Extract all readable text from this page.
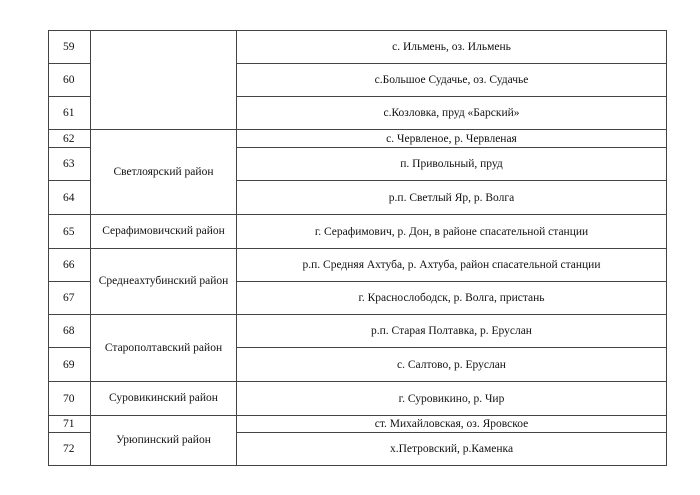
59		с. Ильмень, оз. Ильмень
60		с.Большое Судачье, оз. Судачье
61		с.Козловка, пруд «Барский»
62	Светлоярский район	с. Червленое, р. Червленая
63		п. Привольный, пруд
64		р.п. Светлый Яр, р. Волга
65	Серафимовичский район	г. Серафимович, р. Дон, в районе спасательной станции
66	Среднеахтубинский район	р.п. Средняя Ахтуба, р. Ахтуба, район спасательной станции
67		г. Краснослободск, р. Волга, пристань
68	Старополтавский район	р.п. Старая Полтавка, р. Еруслан
69		с. Салтово, р. Еруслан
70	Суровикинский район	г. Суровикино, р. Чир
71	Урюпинский район	ст. Михайловская, оз. Яровское
72		х.Петровский, р.Каменка
